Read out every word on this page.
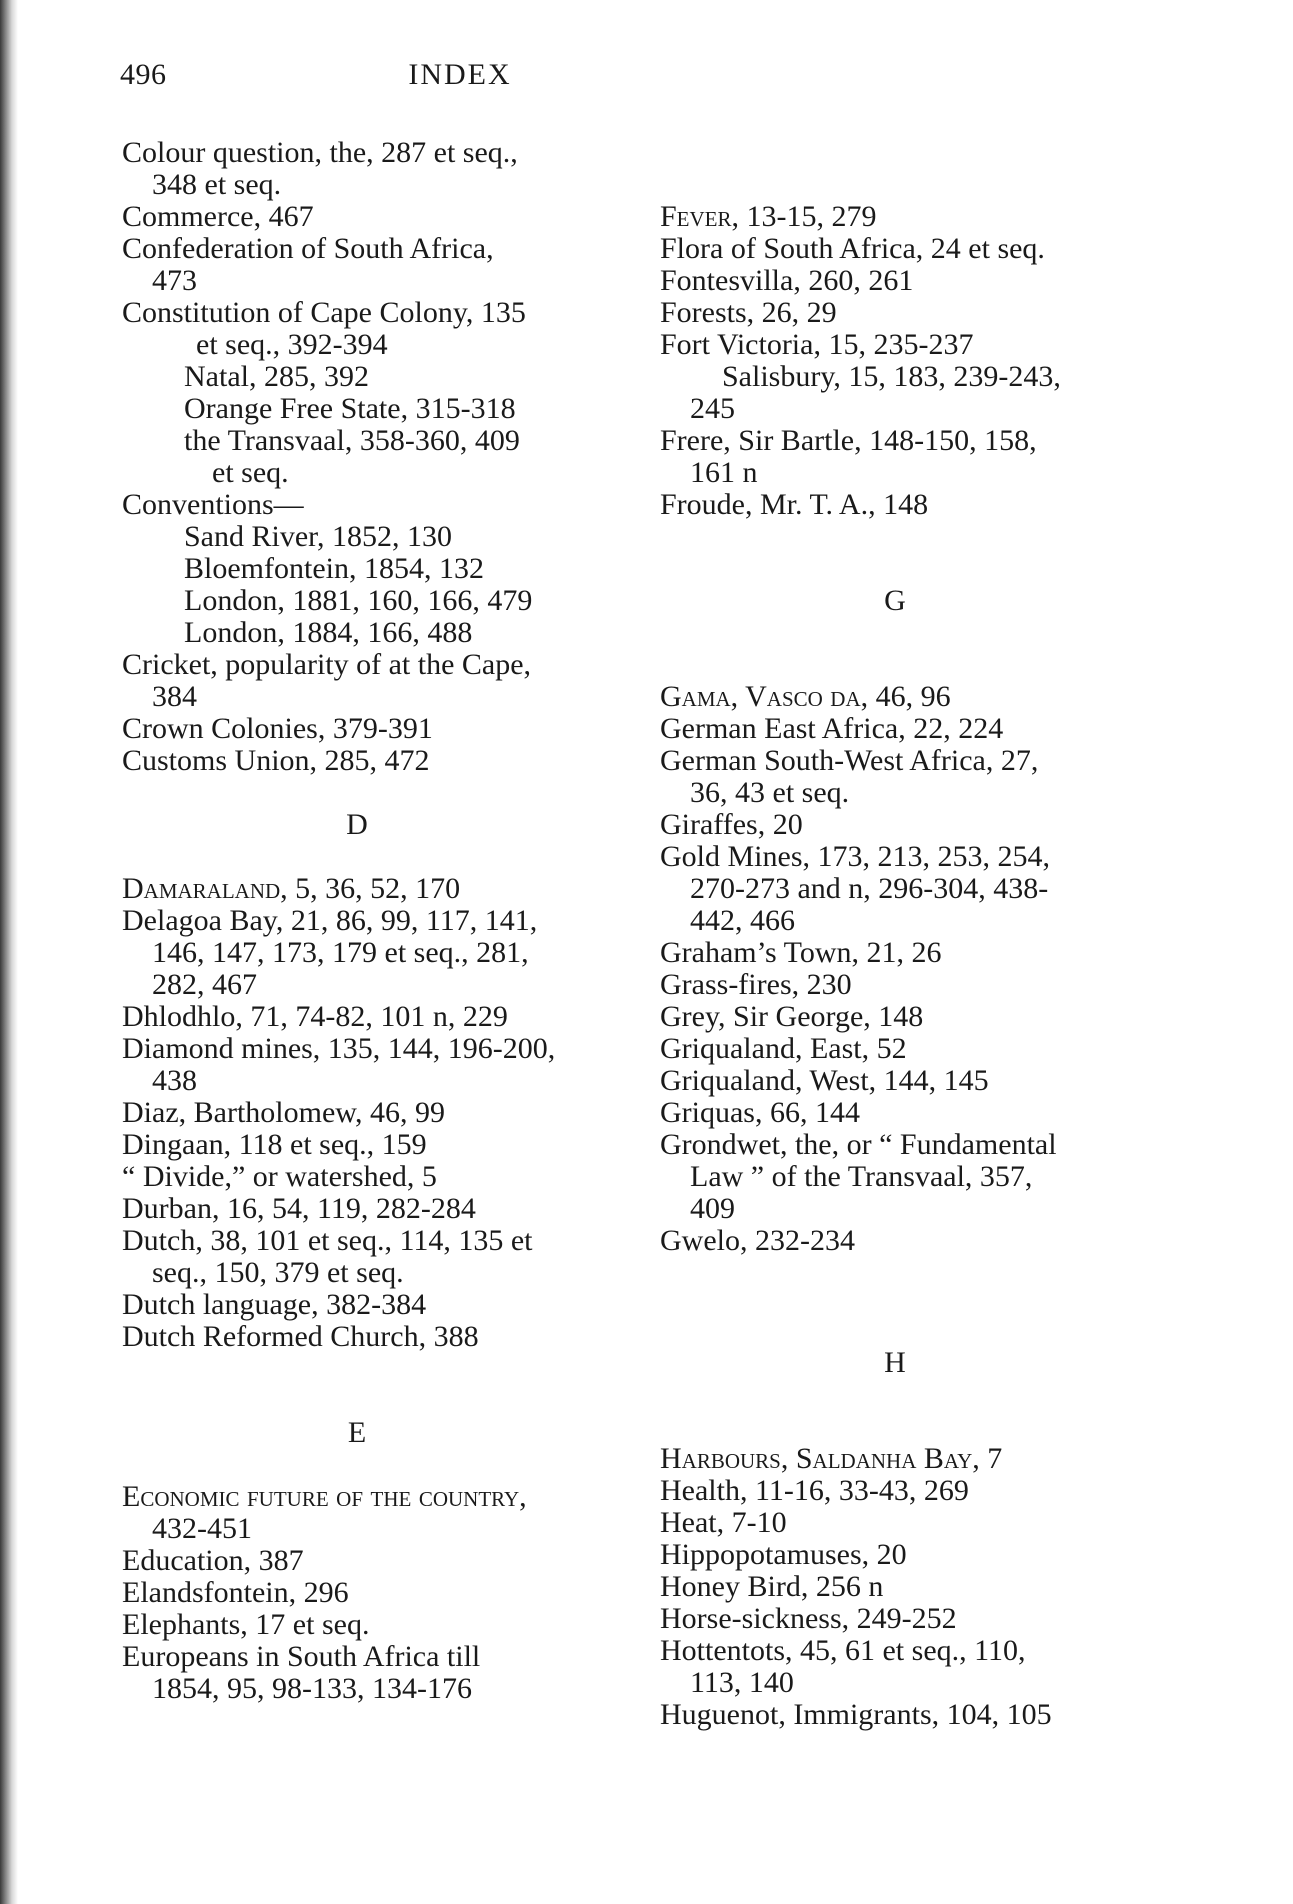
496	INDEX
Colour question, the, 287 et seq.,
348 et seq.
Commerce, 467
Confederation of South Africa,
473
Constitution of Cape Colony, 135
et seq., 392-394
Natal, 285, 392
Orange Free State, 315-318
the Transvaal, 358-360, 409
et seq.
Conventions—
Sand River, 1852, 130
Bloemfontein, 1854, 132
London, 1881, 160, 166, 479
London, 1884, 166, 488
Cricket, popularity of at the Cape,
384
Crown Colonies, 379-391
Customs Union, 285, 472
D
Damaraland, 5, 36, 52, 170
Delagoa Bay, 21, 86, 99, 117, 141,
146, 147, 173, 179 et seq., 281,
282, 467
Dhlodhlo, 71, 74-82, 101 n, 229
Diamond mines, 135, 144, 196-200,
438
Diaz, Bartholomew, 46, 99
Dingaan, 118 et seq., 159
“ Divide,” or watershed, 5
Durban, 16, 54, 119, 282-284
Dutch, 38, 101 et seq., 114, 135 et
seq., 150, 379 et seq.
Dutch language, 382-384
Dutch Reformed Church, 388
E
Economic future of the country,
432-451
Education, 387
Elandsfontein, 296
Elephants, 17 et seq.
Europeans in South Africa till
1854, 95, 98-133, 134-176
Fever, 13-15, 279
Flora of South Africa, 24 et seq.
Fontesvilla, 260, 261
Forests, 26, 29
Fort Victoria, 15, 235-237
Salisbury, 15, 183, 239-243,
245
Frere, Sir Bartle, 148-150, 158,
161 n
Froude, Mr. T. A., 148
G
Gama, Vasco da, 46, 96
German East Africa, 22, 224
German South-West Africa, 27,
36, 43 et seq.
Giraffes, 20
Gold Mines, 173, 213, 253, 254,
270-273 and n, 296-304, 438-
442, 466
Graham’s Town, 21, 26
Grass-fires, 230
Grey, Sir George, 148
Griqualand, East, 52
Griqualand, West, 144, 145
Griquas, 66, 144
Grondwet, the, or “ Fundamental
Law ” of the Transvaal, 357,
409
Gwelo, 232-234
H
Harbours, Saldanha Bay, 7
Health, 11-16, 33-43, 269
Heat, 7-10
Hippopotamuses, 20
Honey Bird, 256 n
Horse-sickness, 249-252
Hottentots, 45, 61 et seq., 110,
113, 140
Huguenot, Immigrants, 104, 105
